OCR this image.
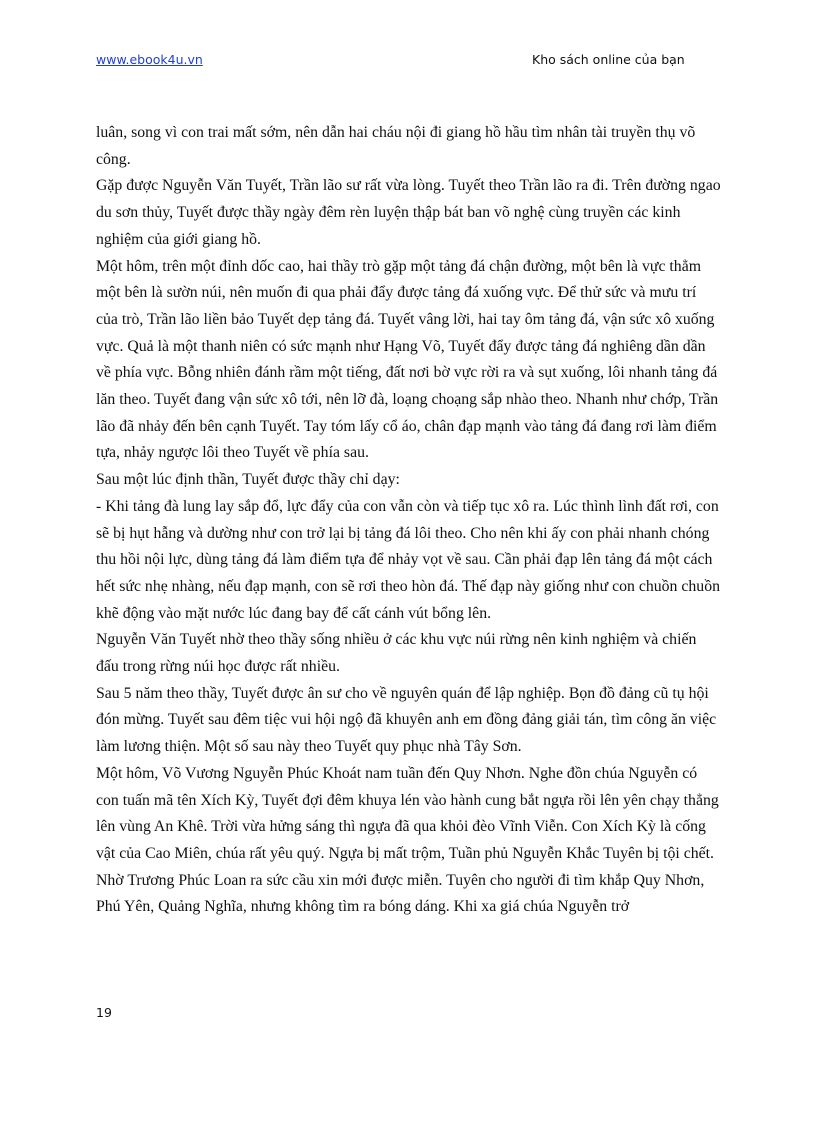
www.ebook4u.vn	Kho sách online của bạn

luân, song vì con trai mất sớm, nên dẫn hai cháu nội đi giang hồ hầu tìm nhân tài truyền thụ võ công.

Gặp được Nguyễn Văn Tuyết, Trần lão sư rất vừa lòng. Tuyết theo Trần lão ra đi. Trên đường ngao du sơn thủy, Tuyết được thầy ngày đêm rèn luyện thập bát ban võ nghệ cùng truyền các kinh nghiệm của giới giang hồ.

Một hôm, trên một đỉnh dốc cao, hai thầy trò gặp một tảng đá chận đường, một bên là vực thẳm một bên là sườn núi, nên muốn đi qua phải đẩy được tảng đá xuống vực. Để thử sức và mưu trí của trò, Trần lão liền bảo Tuyết dẹp tảng đá. Tuyết vâng lời, hai tay ôm tảng đá, vận sức xô xuống vực. Quả là một thanh niên có sức mạnh như Hạng Võ, Tuyết đẩy được tảng đá nghiêng dần dần về phía vực. Bỗng nhiên đánh rầm một tiếng, đất nơi bờ vực rời ra và sụt xuống, lôi nhanh tảng đá lăn theo. Tuyết đang vận sức xô tới, nên lỡ đà, loạng choạng sắp nhào theo. Nhanh như chớp, Trần lão đã nhảy đến bên cạnh Tuyết. Tay tóm lấy cổ áo, chân đạp mạnh vào tảng đá đang rơi làm điểm tựa, nhảy ngược lôi theo Tuyết về phía sau.

Sau một lúc định thần, Tuyết được thầy chỉ dạy:

- Khi tảng đà lung lay sắp đổ, lực đẩy của con vẫn còn và tiếp tục xô ra. Lúc thình lình đất rơi, con sẽ bị hụt hẫng và dường như con trở lại bị tảng đá lôi theo. Cho nên khi ấy con phải nhanh chóng thu hồi nội lực, dùng tảng đá làm điểm tựa để nhảy vọt về sau. Cần phải đạp lên tảng đá một cách hết sức nhẹ nhàng, nếu đạp mạnh, con sẽ rơi theo hòn đá. Thế đạp này giống như con chuồn chuồn khẽ động vào mặt nước lúc đang bay để cất cánh vút bổng lên.

Nguyễn Văn Tuyết nhờ theo thầy sống nhiều ở các khu vực núi rừng nên kinh nghiệm và chiến đấu trong rừng núi học được rất nhiều.

Sau 5 năm theo thầy, Tuyết được ân sư cho về nguyên quán để lập nghiệp. Bọn đồ đảng cũ tụ hội đón mừng. Tuyết sau đêm tiệc vui hội ngộ đã khuyên anh em đồng đảng giải tán, tìm công ăn việc làm lương thiện. Một số sau này theo Tuyết quy phục nhà Tây Sơn.

Một hôm, Võ Vương Nguyễn Phúc Khoát nam tuần đến Quy Nhơn. Nghe đồn chúa Nguyễn có con tuấn mã tên Xích Kỳ, Tuyết đợi đêm khuya lén vào hành cung bắt ngựa rồi lên yên chạy thẳng lên vùng An Khê. Trời vừa hửng sáng thì ngựa đã qua khỏi đèo Vĩnh Viễn. Con Xích Kỳ là cống vật của Cao Miên, chúa rất yêu quý. Ngựa bị mất trộm, Tuần phủ Nguyễn Khắc Tuyên bị tội chết. Nhờ Trương Phúc Loan ra sức cầu xin mới được miễn. Tuyên cho người đi tìm khắp Quy Nhơn, Phú Yên, Quảng Nghĩa, nhưng không tìm ra bóng dáng. Khi xa giá chúa Nguyễn trở

19
